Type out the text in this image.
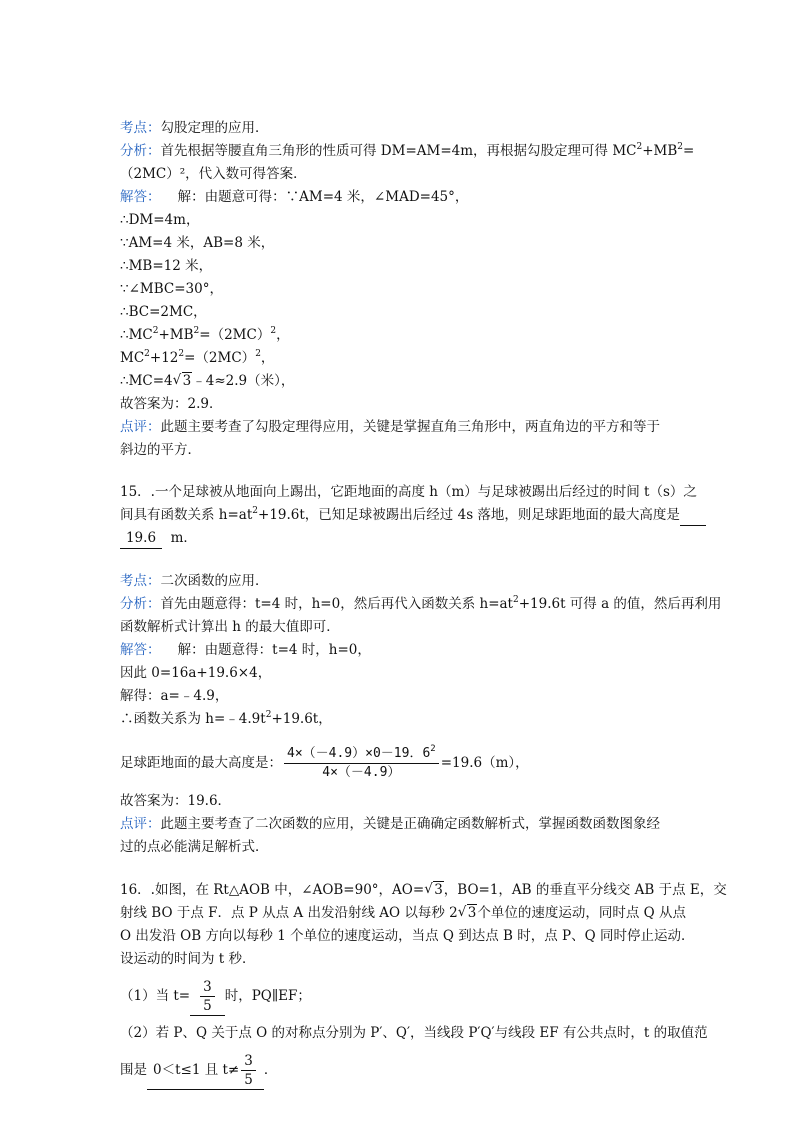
考点：勾股定理的应用．
分析：首先根据等腰直角三角形的性质可得 DM=AM=4m，再根据勾股定理可得 $MC^2+MB^2=$
（2MC）²，代入数可得答案．
解答： 解：由题意可得：∵AM=4 米，∠MAD=45°，
∴DM=4m，
∵AM=4 米，AB=8 米，
∴MB=12 米，
∵∠MBC=30°，
∴BC=2MC，
$\therefore MC^2+MB^2=(2MC)^2$，
$MC^2+12^2=(2MC)^2$，
∴MC=4 √ 3﹣4≈2.9（米），
故答案为：2.9．
点评：此题主要考查了勾股定理得应用，关键是掌握直角三角形中，两直角边的平方和等于
斜边的平方．
15．.一个足球被从地面向上踢出，它距地面的高度 h（m）与足球被踢出后经过的时间 t（s）之
间具有函数关系 $h=at^2+19.6t$，已知足球被踢出后经过 4s 落地，则足球距地面的最大高度是
19.6 m．
考点：二次函数的应用．
分析：首先由题意得：t=4 时，h=0，然后再代入函数关系 $h=at^2+19.6t$ 可得 a 的值，然后再利用
函数解析式计算出 h 的最大值即可．
解答： 解：由题意得：t=4 时，h=0，
因此 0=16a+19.6×4，
解得：a=﹣4.9，
∴函数关系为 $h=﹣4.9t^2+19.6t$，
足球距地面的最大高度是： $\frac{4\times(-4.9)\times 0-19.6^2}{4\times(-4.9)} =19.6(m)$，
故答案为：19.6．
点评：此题主要考查了二次函数的应用，关键是正确确定函数解析式，掌握函数函数图象经
过的点必能满足解析式．
16．.如图，在 Rt△AOB 中，∠AOB=90°，AO= √ 3，BO=1，AB 的垂直平分线交 AB 于点 E，交
射线 BO 于点 F．点 P 从点 A 出发沿射线 AO 以每秒 2 √ 3个单位的速度运动，同时点 Q 从点
O 出发沿 OB 方向以每秒 1 个单位的速度运动，当点 Q 到达点 B 时，点 P、Q 同时停止运动．
设运动的时间为 t 秒．
（1）当 $t= \frac{3}{5}$ 时，PQ∥EF；
（2）若 P、Q 关于点 O 的对称点分别为 P′、Q′，当线段 P′Q′与线段 EF 有公共点时，t 的取值范
围是 0＜t≤1 且 $t\ne \frac{3}{5}$ ．
